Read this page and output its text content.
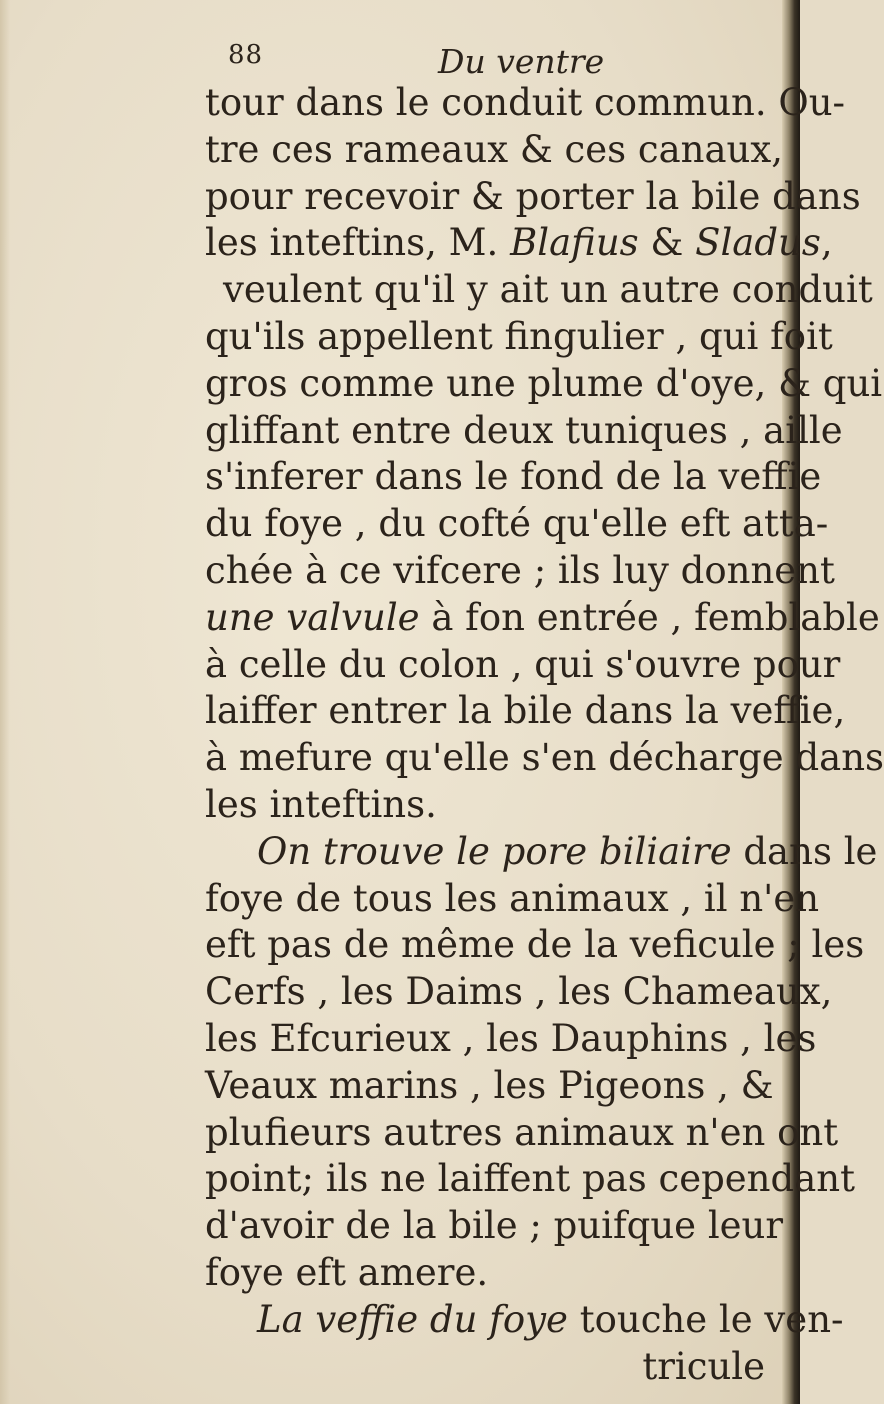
88	Du ventre
tour dans le conduit commun. Ou-
tre ces rameaux & ces canaux,
pour recevoir & porter la bile dans
les inteftins, M. Blafius & Sladus,
veulent qu'il y ait un autre conduit
qu'ils appellent fingulier , qui foit
gros comme une plume d'oye, & qui
gliffant entre deux tuniques , aille
s'inferer dans le fond de la veffie
du foye , du cofté qu'elle eft atta-
chée à ce vifcere ; ils luy donnent
une valvule à fon entrée , femblable
à celle du colon , qui s'ouvre pour
laiffer entrer la bile dans la veffie,
à mefure qu'elle s'en décharge dans
les inteftins.
On trouve le pore biliaire dans le
foye de tous les animaux , il n'en
eft pas de même de la veficule ; les
Cerfs , les Daims , les Chameaux,
les Efcurieux , les Dauphins , les
Veaux marins , les Pigeons , &
plufieurs autres animaux n'en ont
point; ils ne laiffent pas cependant
d'avoir de la bile ; puifque leur
foye eft amere.
La veffie du foye touche le ven-
tricule
